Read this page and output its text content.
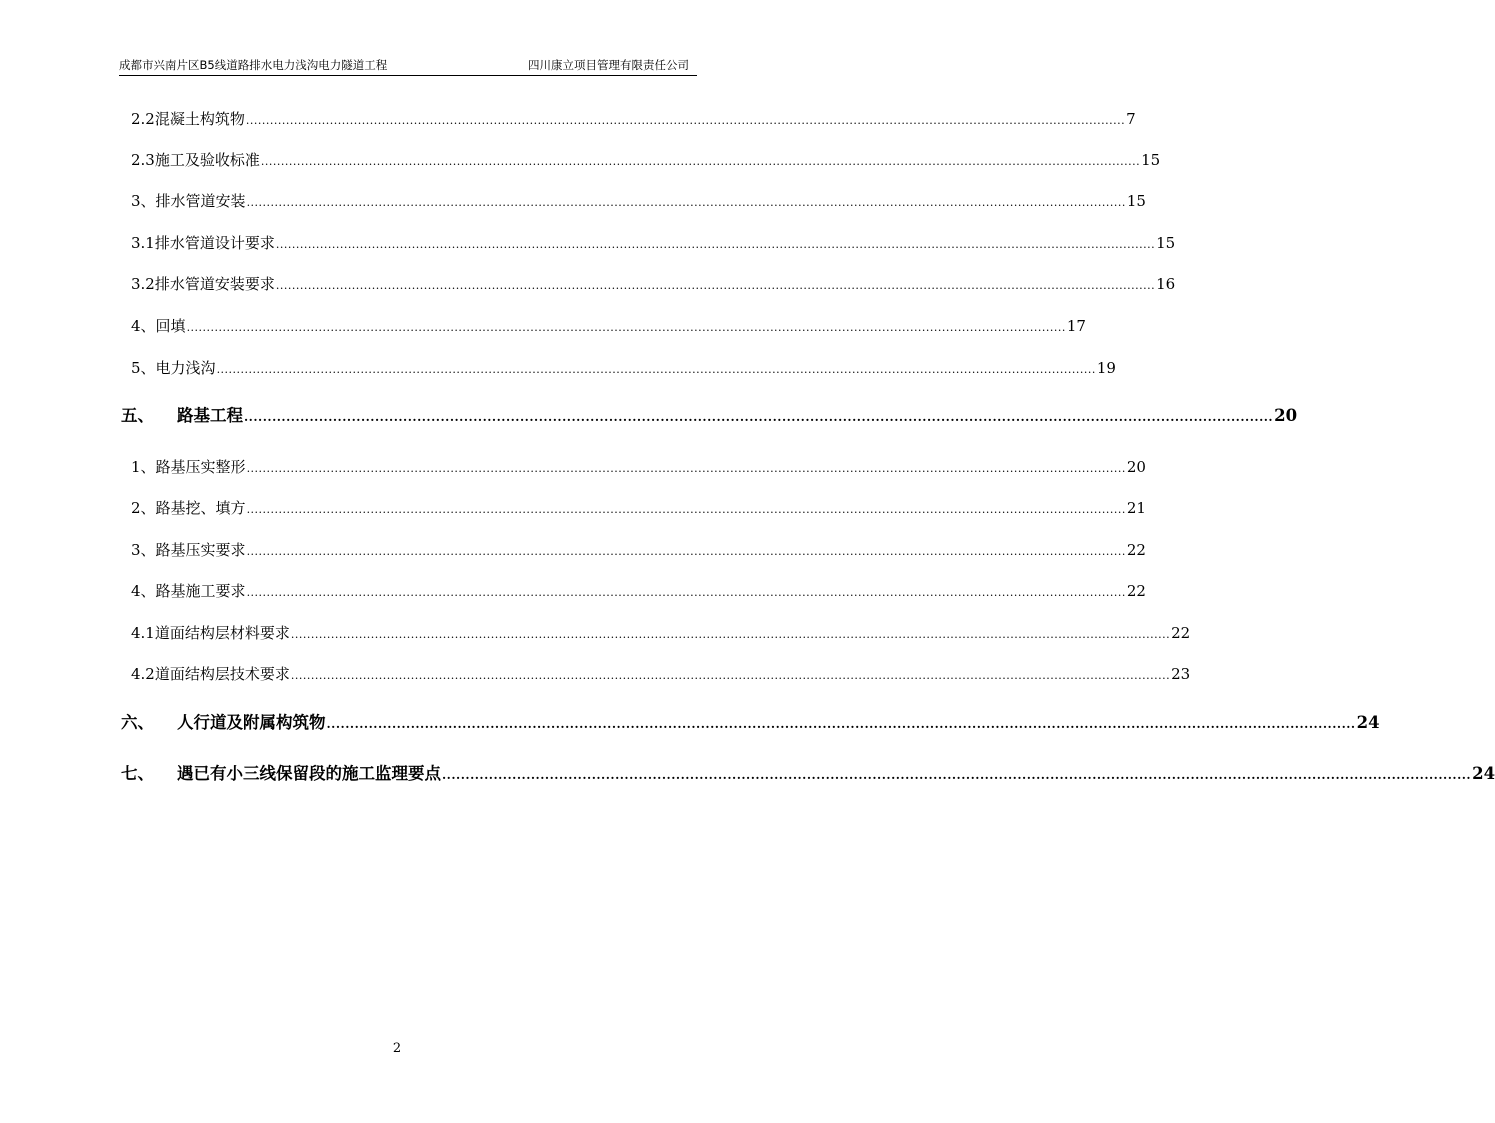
成都市兴南片区B5线道路排水电力浅沟电力隧道工程	四川康立项目管理有限责任公司
2.2 混凝土构筑物 ............................................................................................................................................................................................................................ 7
2.3 施工及验收标准 ............................................................................................................................................................................................................................ 15
3、 排水管道安装 ............................................................................................................................................................................................................................ 15
3.1 排水管道设计要求 ............................................................................................................................................................................................................................ 15
3.2 排水管道安装要求 ............................................................................................................................................................................................................................ 16
4、 回填 ............................................................................................................................................................................................................................ 17
5、 电力浅沟 ............................................................................................................................................................................................................................ 19
五、	路基工程 ............................................................................................................................................................................................................................ 20
1、 路基压实整形 ............................................................................................................................................................................................................................ 20
2、 路基挖、填方 ............................................................................................................................................................................................................................ 21
3、 路基压实要求 ............................................................................................................................................................................................................................ 22
4、 路基施工要求 ............................................................................................................................................................................................................................ 22
4.1 道面结构层材料要求 ............................................................................................................................................................................................................................ 22
4.2 道面结构层技术要求 ............................................................................................................................................................................................................................ 23
六、	人行道及附属构筑物 ............................................................................................................................................................................................................................ 24
七、	遇已有小三线保留段的施工监理要点 ............................................................................................................................................................................................................................ 24
2
